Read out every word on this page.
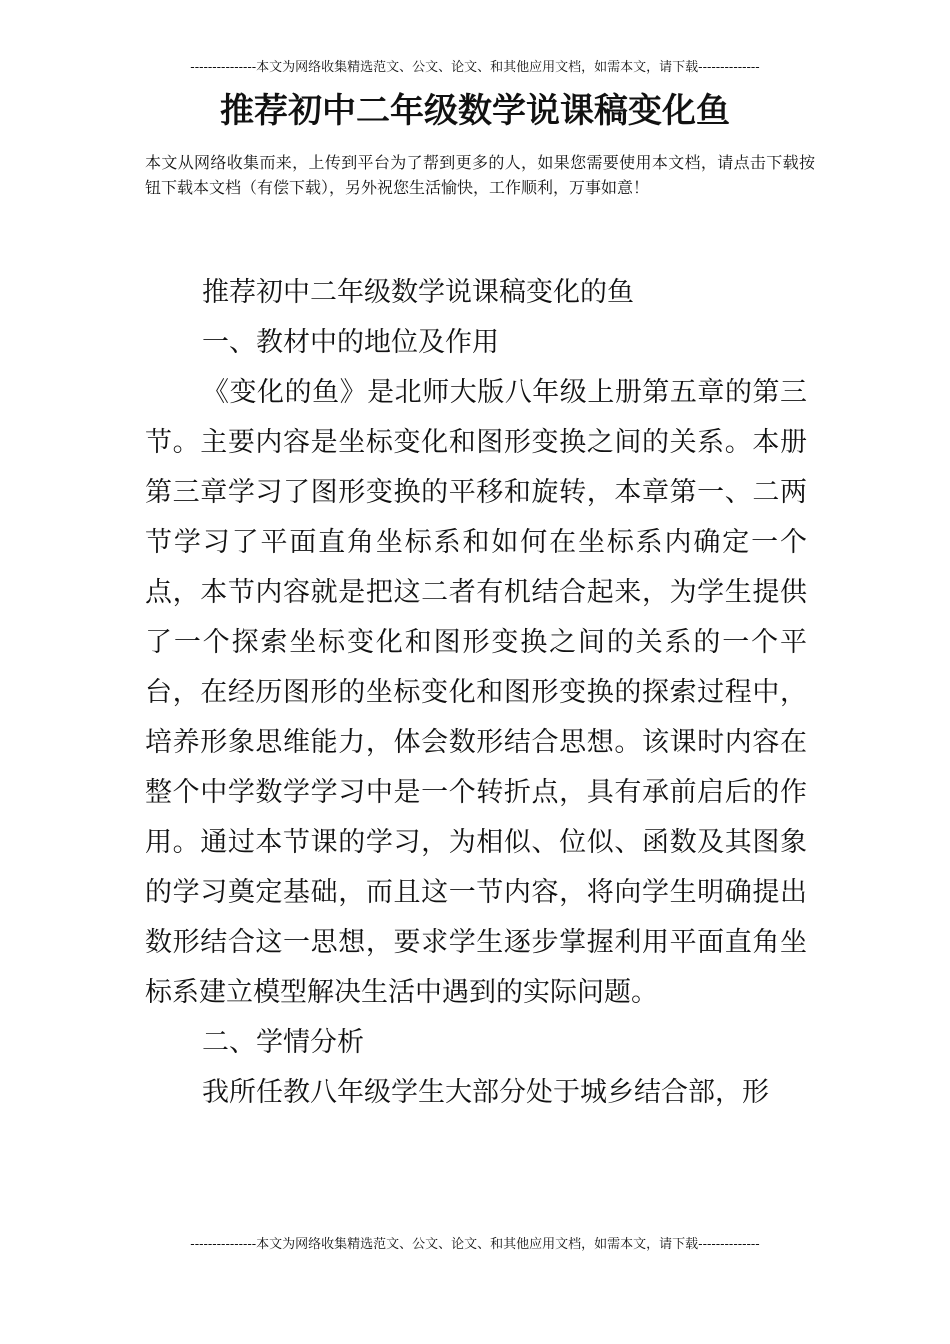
---------------本文为网络收集精选范文、公文、论文、和其他应用文档，如需本文，请下载--------------
推荐初中二年级数学说课稿变化鱼
本文从网络收集而来，上传到平台为了帮到更多的人，如果您需要使用本文档，请点击下载按钮下载本文档（有偿下载），另外祝您生活愉快，工作顺利，万事如意！

推荐初中二年级数学说课稿变化的鱼

一、教材中的地位及作用

《变化的鱼》是北师大版八年级上册第五章的第三节。主要内容是坐标变化和图形变换之间的关系。本册第三章学习了图形变换的平移和旋转，本章第一、二两节学习了平面直角坐标系和如何在坐标系内确定一个点，本节内容就是把这二者有机结合起来，为学生提供了一个探索坐标变化和图形变换之间的关系的一个平台，在经历图形的坐标变化和图形变换的探索过程中，培养形象思维能力，体会数形结合思想。该课时内容在整个中学数学学习中是一个转折点，具有承前启后的作用。通过本节课的学习，为相似、位似、函数及其图象的学习奠定基础，而且这一节内容，将向学生明确提出数形结合这一思想，要求学生逐步掌握利用平面直角坐标系建立模型解决生活中遇到的实际问题。

二、学情分析

我所任教八年级学生大部分处于城乡结合部，形

---------------本文为网络收集精选范文、公文、论文、和其他应用文档，如需本文，请下载--------------
